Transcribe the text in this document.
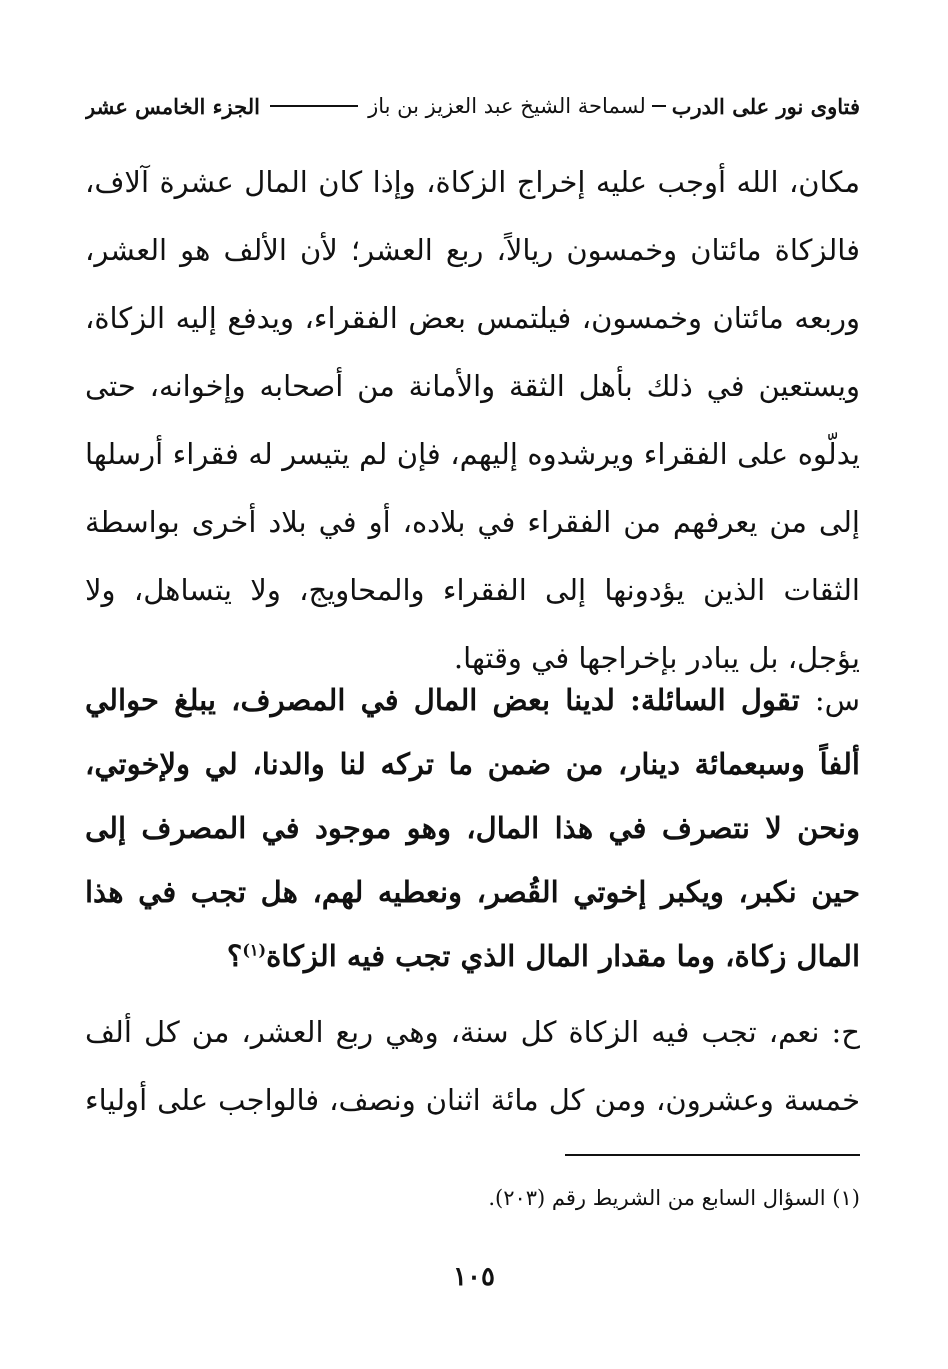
فتاوى نور على الدرب
لسماحة الشيخ عبد العزيز بن باز
الجزء الخامس عشر
مكان، الله أوجب عليه إخراج الزكاة، وإذا كان المال عشرة آلاف، فالزكاة مائتان وخمسون ريالاً، ربع العشر؛ لأن الألف هو العشر، وربعه مائتان وخمسون، فيلتمس بعض الفقراء، ويدفع إليه الزكاة، ويستعين في ذلك بأهل الثقة والأمانة من أصحابه وإخوانه، حتى يدلّوه على الفقراء ويرشدوه إليهم، فإن لم يتيسر له فقراء أرسلها إلى من يعرفهم من الفقراء في بلاده، أو في بلاد أخرى بواسطة الثقات الذين يؤدونها إلى الفقراء والمحاويج، ولا يتساهل، ولا يؤجل، بل يبادر بإخراجها في وقتها.
س: تقول السائلة: لدينا بعض المال في المصرف، يبلغ حوالي ألفاً وسبعمائة دينار، من ضمن ما تركه لنا والدنا، لي ولإخوتي، ونحن لا نتصرف في هذا المال، وهو موجود في المصرف إلى حين نكبر، ويكبر إخوتي القُصر، ونعطيه لهم، هل تجب في هذا المال زكاة، وما مقدار المال الذي تجب فيه الزكاة$^{(١)}$؟
ح: نعم، تجب فيه الزكاة كل سنة، وهي ربع العشر، من كل ألف خمسة وعشرون، ومن كل مائة اثنان ونصف، فالواجب على أولياء
(١) السؤال السابع من الشريط رقم (٢٠٣).
١٠٥
